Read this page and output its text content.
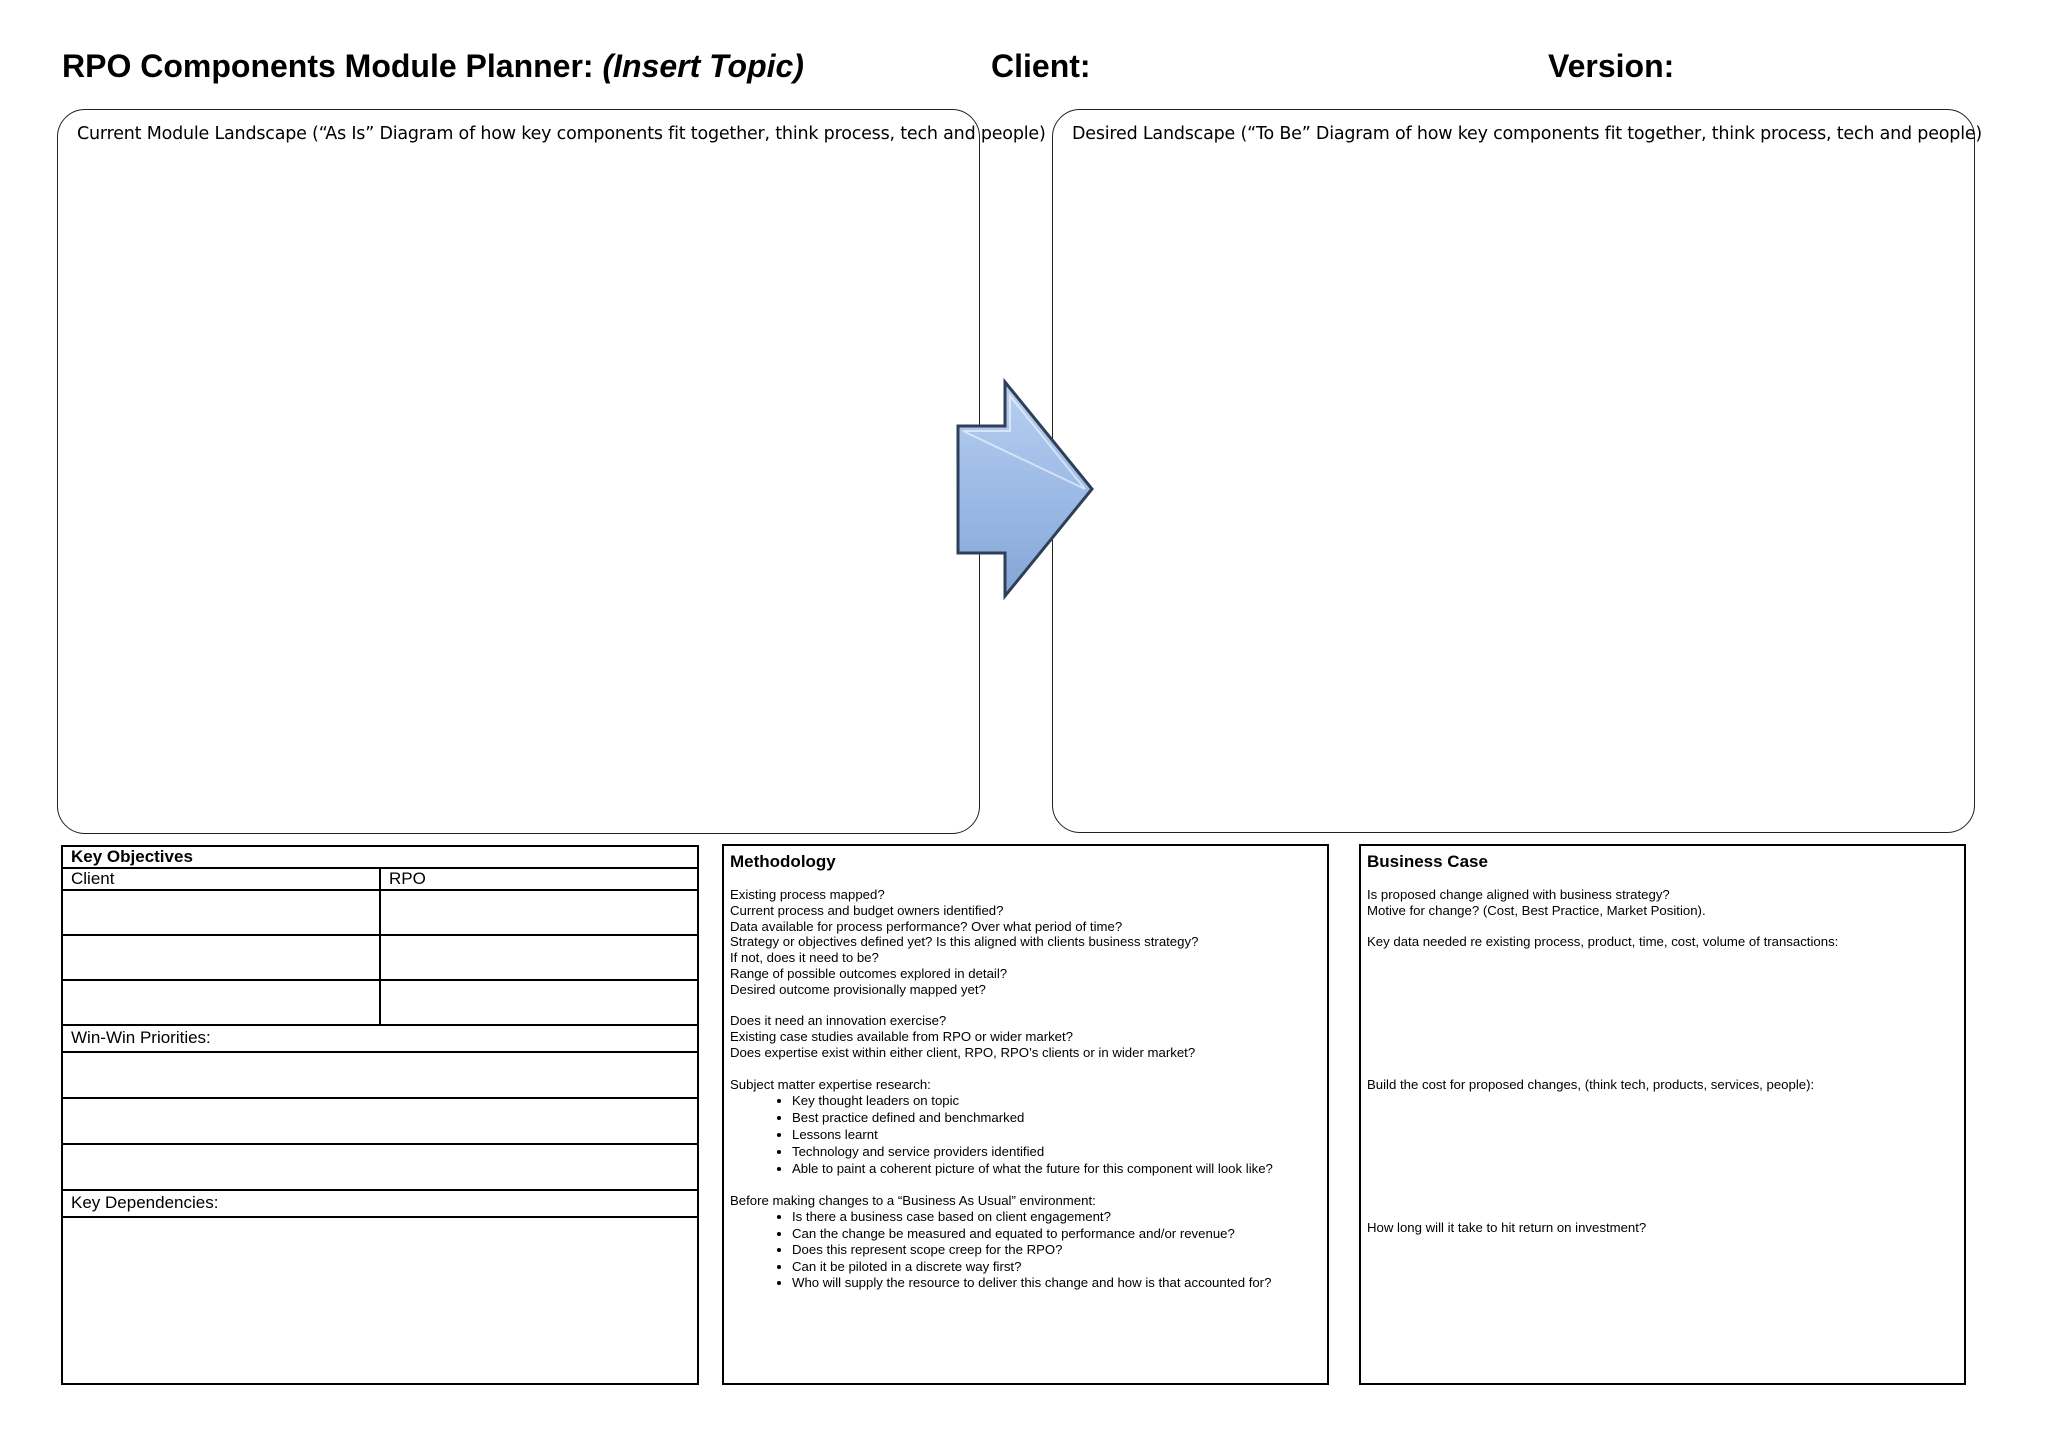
RPO Components Module Planner: (Insert Topic)	Client:	Version:
Current Module Landscape (“As Is” Diagram of how key components fit together, think process, tech and people) Desired Landscape (“To Be” Diagram of how key components fit together, think process, tech and people)
Key Objectives	
Client	RPO

Win-Win Priorities:	

Key Dependencies:	

Methodology

Existing process mapped?

Current process and budget owners identified?

Data available for process performance? Over what period of time?

Strategy or objectives defined yet? Is this aligned with clients business strategy?

If not, does it need to be?

Range of possible outcomes explored in detail?

Desired outcome provisionally mapped yet?

Does it need an innovation exercise?

Existing case studies available from RPO or wider market?

Does expertise exist within either client, RPO, RPO’s clients or in wider market?

Subject matter expertise research:

• Key thought leaders on topic
• Best practice defined and benchmarked
• Lessons learnt
• Technology and service providers identified
• Able to paint a coherent picture of what the future for this component will look like?

Before making changes to a “Business As Usual” environment:

• Is there a business case based on client engagement?
• Can the change be measured and equated to performance and/or revenue?
• Does this represent scope creep for the RPO?
• Can it be piloted in a discrete way first?
• Who will supply the resource to deliver this change and how is that accounted for?
Business Case

Is proposed change aligned with business strategy?

Motive for change? (Cost, Best Practice, Market Position).

Key data needed re existing process, product, time, cost, volume of transactions:

Build the cost for proposed changes, (think tech, products, services, people):

How long will it take to hit return on investment?
